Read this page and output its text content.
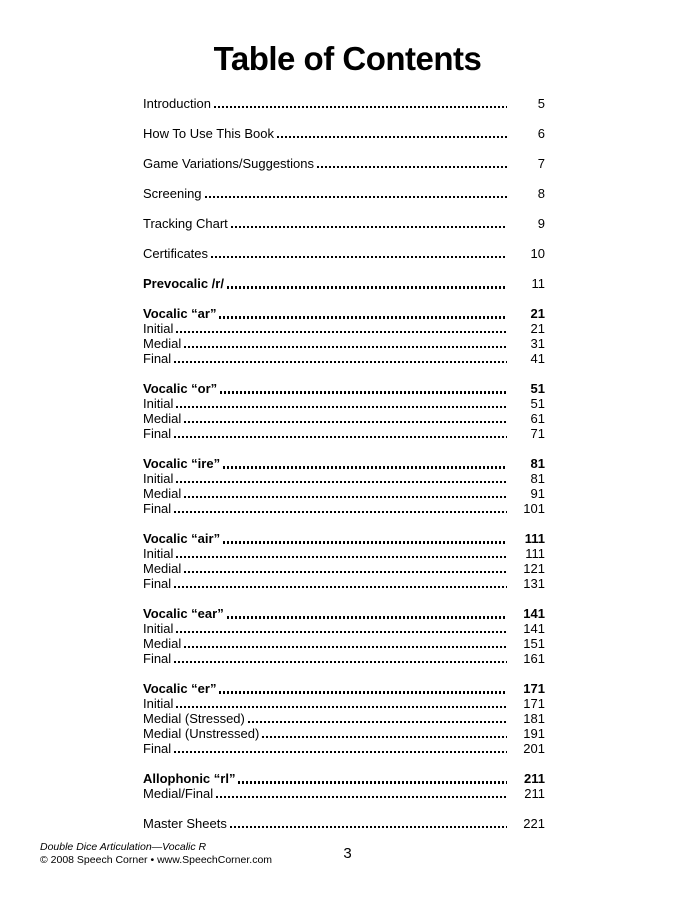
Table of Contents
Introduction	5
How To Use This Book	6
Game Variations/Suggestions	7
Screening	8
Tracking Chart	9
Certificates	10
Prevocalic /r/	11
Vocalic “ar”	21
Initial	21
Medial	31
Final	41
Vocalic “or”	51
Initial	51
Medial	61
Final	71
Vocalic “ire”	81
Initial	81
Medial	91
Final	101
Vocalic “air”	111
Initial	111
Medial	121
Final	131
Vocalic “ear”	141
Initial	141
Medial	151
Final	161
Vocalic “er”	171
Initial	171
Medial (Stressed)	181
Medial (Unstressed)	191
Final	201
Allophonic “rl”	211
Medial/Final	211
Master Sheets	221
Double Dice Articulation—Vocalic R
© 2008 Speech Corner • www.SpeechCorner.com	3
